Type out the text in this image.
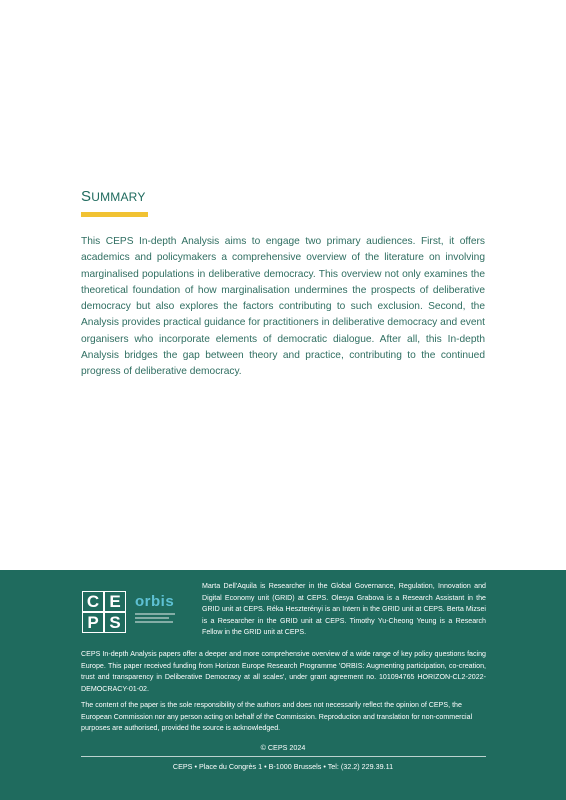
SUMMARY

This CEPS In-depth Analysis aims to engage two primary audiences. First, it offers academics and policymakers a comprehensive overview of the literature on involving marginalised populations in deliberative democracy. This overview not only examines the theoretical foundation of how marginalisation undermines the prospects of deliberative democracy but also explores the factors contributing to such exclusion. Second, the Analysis provides practical guidance for practitioners in deliberative democracy and event organisers who incorporate elements of democratic dialogue. After all, this In-depth Analysis bridges the gap between theory and practice, contributing to the continued progress of deliberative democracy.

C E
P S
orbis

Marta Dell'Aquila is Researcher in the Global Governance, Regulation, Innovation and Digital Economy unit (GRID) at CEPS. Olesya Grabova is a Research Assistant in the GRID unit at CEPS. Réka Heszterényi is an Intern in the GRID unit at CEPS. Berta Mizsei is a Researcher in the GRID unit at CEPS. Timothy Yu-Cheong Yeung is a Research Fellow in the GRID unit at CEPS.

CEPS In-depth Analysis papers offer a deeper and more comprehensive overview of a wide range of key policy questions facing Europe. This paper received funding from Horizon Europe Research Programme 'ORBIS: Augmenting participation, co-creation, trust and transparency in Deliberative Democracy at all scales', under grant agreement no. 101094765 HORIZON-CL2-2022-DEMOCRACY-01-02.

The content of the paper is the sole responsibility of the authors and does not necessarily reflect the opinion of CEPS, the European Commission nor any person acting on behalf of the Commission. Reproduction and translation for non-commercial purposes are authorised, provided the source is acknowledged.

© CEPS 2024

CEPS • Place du Congrès 1 • B-1000 Brussels • Tel: (32.2) 229.39.11
